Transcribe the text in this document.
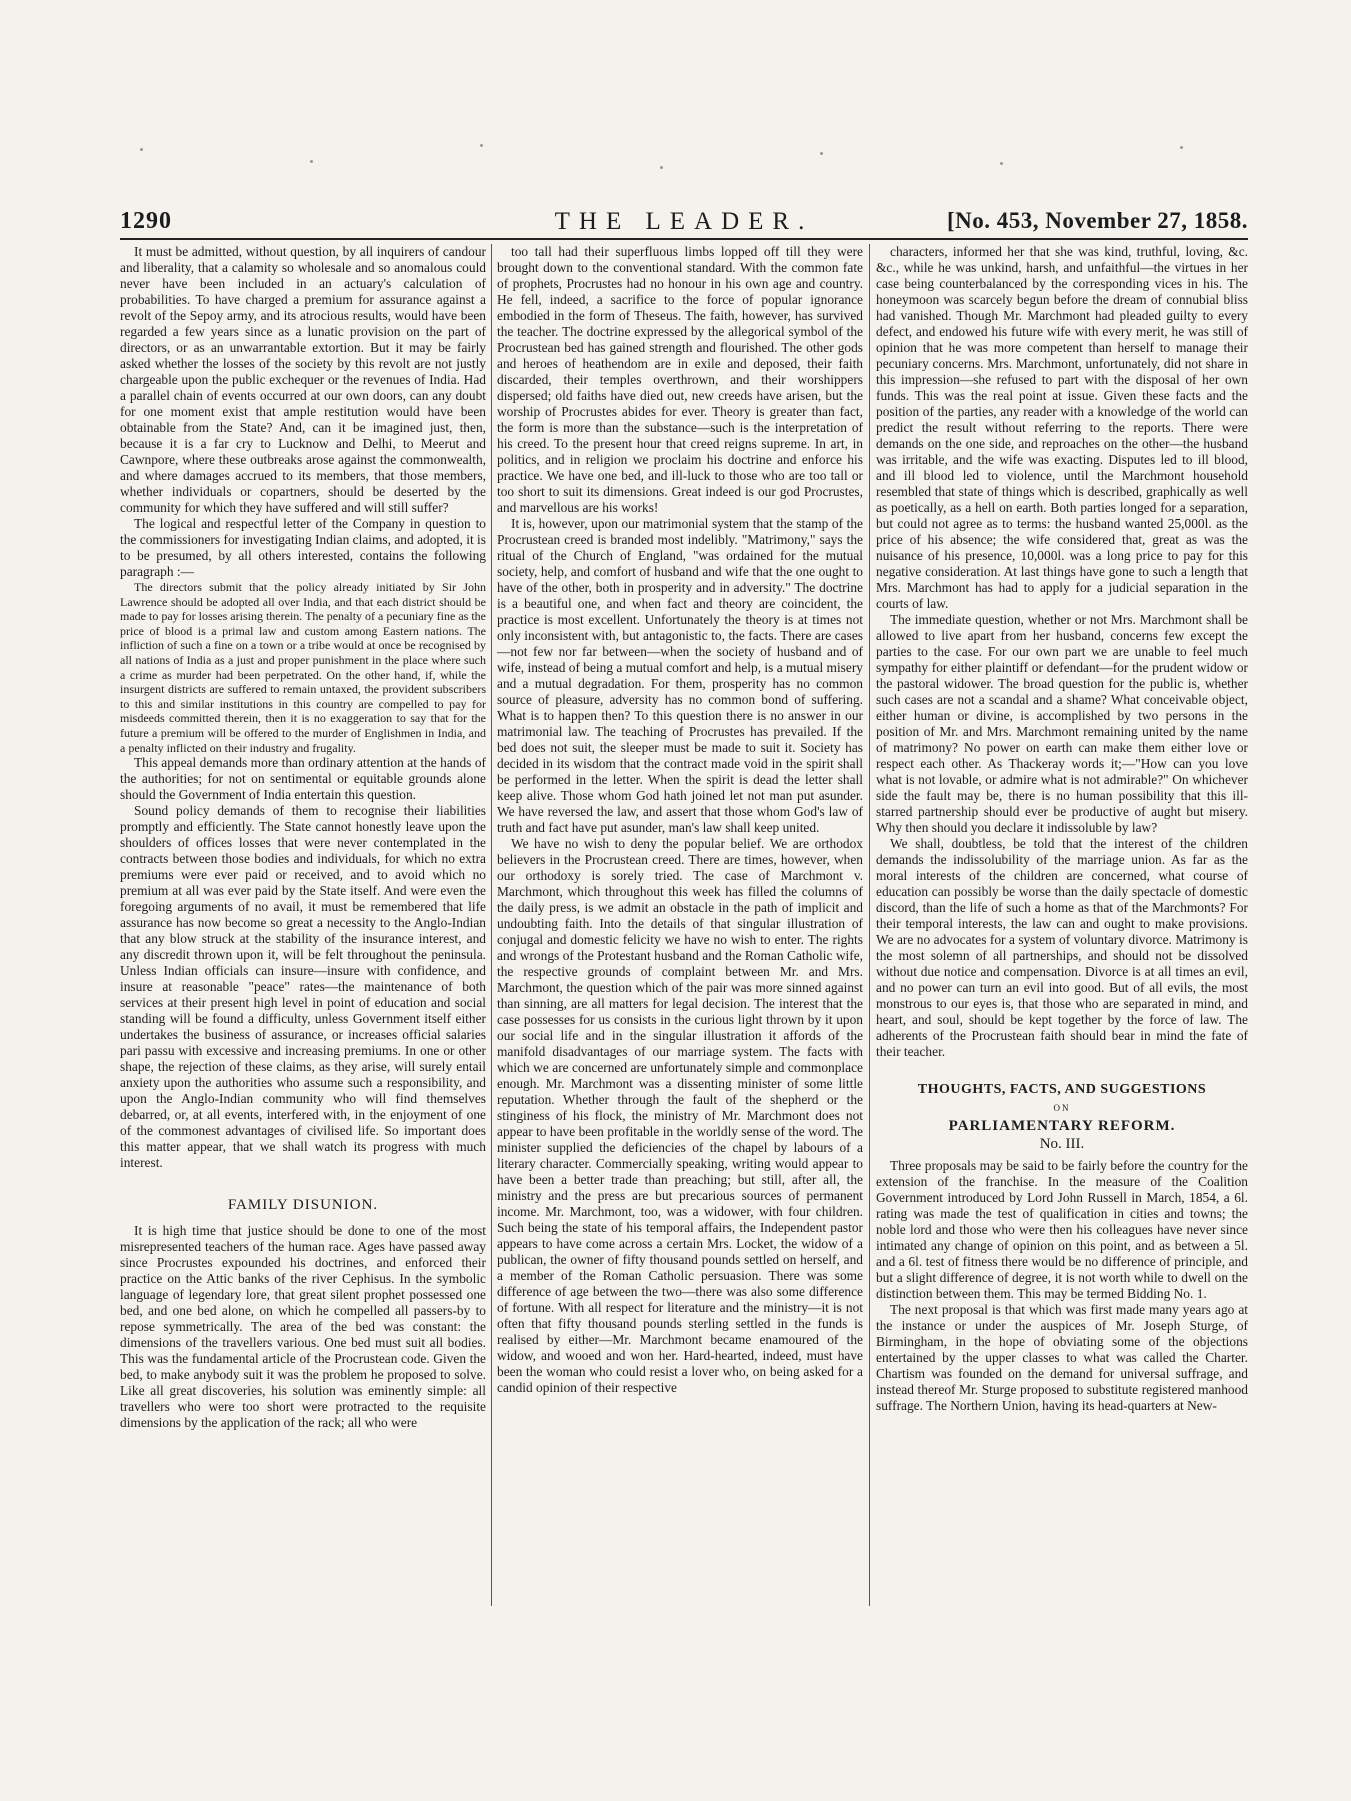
1290	THE LEADER.	[No. 453, November 27, 1858.

It must be admitted, without question, by all inquirers of candour and liberality, that a calamity so wholesale and so anomalous could never have been included in an actuary's calculation of probabilities. To have charged a premium for assurance against a revolt of the Sepoy army, and its atrocious results, would have been regarded a few years since as a lunatic provision on the part of directors, or as an unwarrantable extortion. But it may be fairly asked whether the losses of the society by this revolt are not justly chargeable upon the public exchequer or the revenues of India. Had a parallel chain of events occurred at our own doors, can any doubt for one moment exist that ample restitution would have been obtainable from the State? And, can it be imagined just, then, because it is a far cry to Lucknow and Delhi, to Meerut and Cawnpore, where these outbreaks arose against the commonwealth, and where damages accrued to its members, that those members, whether individuals or copartners, should be deserted by the community for which they have suffered and will still suffer?

The logical and respectful letter of the Company in question to the commissioners for investigating Indian claims, and adopted, it is to be presumed, by all others interested, contains the following paragraph :—

The directors submit that the policy already initiated by Sir John Lawrence should be adopted all over India, and that each district should be made to pay for losses arising therein. The penalty of a pecuniary fine as the price of blood is a primal law and custom among Eastern nations. The infliction of such a fine on a town or a tribe would at once be recognised by all nations of India as a just and proper punishment in the place where such a crime as murder had been perpetrated. On the other hand, if, while the insurgent districts are suffered to remain untaxed, the provident subscribers to this and similar institutions in this country are compelled to pay for misdeeds committed therein, then it is no exaggeration to say that for the future a premium will be offered to the murder of Englishmen in India, and a penalty inflicted on their industry and frugality.

This appeal demands more than ordinary attention at the hands of the authorities; for not on sentimental or equitable grounds alone should the Government of India entertain this question.

Sound policy demands of them to recognise their liabilities promptly and efficiently. The State cannot honestly leave upon the shoulders of offices losses that were never contemplated in the contracts between those bodies and individuals, for which no extra premiums were ever paid or received, and to avoid which no premium at all was ever paid by the State itself. And were even the foregoing arguments of no avail, it must be remembered that life assurance has now become so great a necessity to the Anglo-Indian that any blow struck at the stability of the insurance interest, and any discredit thrown upon it, will be felt throughout the peninsula. Unless Indian officials can insure—insure with confidence, and insure at reasonable "peace" rates—the maintenance of both services at their present high level in point of education and social standing will be found a difficulty, unless Government itself either undertakes the business of assurance, or increases official salaries pari passu with excessive and increasing premiums. In one or other shape, the rejection of these claims, as they arise, will surely entail anxiety upon the authorities who assume such a responsibility, and upon the Anglo-Indian community who will find themselves debarred, or, at all events, interfered with, in the enjoyment of one of the commonest advantages of civilised life. So important does this matter appear, that we shall watch its progress with much interest.

FAMILY DISUNION.

It is high time that justice should be done to one of the most misrepresented teachers of the human race. Ages have passed away since Procrustes expounded his doctrines, and enforced their practice on the Attic banks of the river Cephisus. In the symbolic language of legendary lore, that great silent prophet possessed one bed, and one bed alone, on which he compelled all passers-by to repose symmetrically. The area of the bed was constant: the dimensions of the travellers various. One bed must suit all bodies. This was the fundamental article of the Procrustean code. Given the bed, to make anybody suit it was the problem he proposed to solve. Like all great discoveries, his solution was eminently simple: all travellers who were too short were protracted to the requisite dimensions by the application of the rack; all who were

too tall had their superfluous limbs lopped off till they were brought down to the conventional standard. With the common fate of prophets, Procrustes had no honour in his own age and country. He fell, indeed, a sacrifice to the force of popular ignorance embodied in the form of Theseus. The faith, however, has survived the teacher. The doctrine expressed by the allegorical symbol of the Procrustean bed has gained strength and flourished. The other gods and heroes of heathendom are in exile and deposed, their faith discarded, their temples overthrown, and their worshippers dispersed; old faiths have died out, new creeds have arisen, but the worship of Procrustes abides for ever. Theory is greater than fact, the form is more than the substance—such is the interpretation of his creed. To the present hour that creed reigns supreme. In art, in politics, and in religion we proclaim his doctrine and enforce his practice. We have one bed, and ill-luck to those who are too tall or too short to suit its dimensions. Great indeed is our god Procrustes, and marvellous are his works!

It is, however, upon our matrimonial system that the stamp of the Procrustean creed is branded most indelibly. "Matrimony," says the ritual of the Church of England, "was ordained for the mutual society, help, and comfort of husband and wife that the one ought to have of the other, both in prosperity and in adversity." The doctrine is a beautiful one, and when fact and theory are coincident, the practice is most excellent. Unfortunately the theory is at times not only inconsistent with, but antagonistic to, the facts. There are cases—not few nor far between—when the society of husband and of wife, instead of being a mutual comfort and help, is a mutual misery and a mutual degradation. For them, prosperity has no common source of pleasure, adversity has no common bond of suffering. What is to happen then? To this question there is no answer in our matrimonial law. The teaching of Procrustes has prevailed. If the bed does not suit, the sleeper must be made to suit it. Society has decided in its wisdom that the contract made void in the spirit shall be performed in the letter. When the spirit is dead the letter shall keep alive. Those whom God hath joined let not man put asunder. We have reversed the law, and assert that those whom God's law of truth and fact have put asunder, man's law shall keep united.

We have no wish to deny the popular belief. We are orthodox believers in the Procrustean creed. There are times, however, when our orthodoxy is sorely tried. The case of Marchmont v. Marchmont, which throughout this week has filled the columns of the daily press, is we admit an obstacle in the path of implicit and undoubting faith. Into the details of that singular illustration of conjugal and domestic felicity we have no wish to enter. The rights and wrongs of the Protestant husband and the Roman Catholic wife, the respective grounds of complaint between Mr. and Mrs. Marchmont, the question which of the pair was more sinned against than sinning, are all matters for legal decision. The interest that the case possesses for us consists in the curious light thrown by it upon our social life and in the singular illustration it affords of the manifold disadvantages of our marriage system. The facts with which we are concerned are unfortunately simple and commonplace enough. Mr. Marchmont was a dissenting minister of some little reputation. Whether through the fault of the shepherd or the stinginess of his flock, the ministry of Mr. Marchmont does not appear to have been profitable in the worldly sense of the word. The minister supplied the deficiencies of the chapel by labours of a literary character. Commercially speaking, writing would appear to have been a better trade than preaching; but still, after all, the ministry and the press are but precarious sources of permanent income. Mr. Marchmont, too, was a widower, with four children. Such being the state of his temporal affairs, the Independent pastor appears to have come across a certain Mrs. Locket, the widow of a publican, the owner of fifty thousand pounds settled on herself, and a member of the Roman Catholic persuasion. There was some difference of age between the two—there was also some difference of fortune. With all respect for literature and the ministry—it is not often that fifty thousand pounds sterling settled in the funds is realised by either—Mr. Marchmont became enamoured of the widow, and wooed and won her. Hard-hearted, indeed, must have been the woman who could resist a lover who, on being asked for a candid opinion of their respective

characters, informed her that she was kind, truthful, loving, &c. &c., while he was unkind, harsh, and unfaithful—the virtues in her case being counterbalanced by the corresponding vices in his. The honeymoon was scarcely begun before the dream of connubial bliss had vanished. Though Mr. Marchmont had pleaded guilty to every defect, and endowed his future wife with every merit, he was still of opinion that he was more competent than herself to manage their pecuniary concerns. Mrs. Marchmont, unfortunately, did not share in this impression—she refused to part with the disposal of her own funds. This was the real point at issue. Given these facts and the position of the parties, any reader with a knowledge of the world can predict the result without referring to the reports. There were demands on the one side, and reproaches on the other—the husband was irritable, and the wife was exacting. Disputes led to ill blood, and ill blood led to violence, until the Marchmont household resembled that state of things which is described, graphically as well as poetically, as a hell on earth. Both parties longed for a separation, but could not agree as to terms: the husband wanted 25,000l. as the price of his absence; the wife considered that, great as was the nuisance of his presence, 10,000l. was a long price to pay for this negative consideration. At last things have gone to such a length that Mrs. Marchmont has had to apply for a judicial separation in the courts of law.

The immediate question, whether or not Mrs. Marchmont shall be allowed to live apart from her husband, concerns few except the parties to the case. For our own part we are unable to feel much sympathy for either plaintiff or defendant—for the prudent widow or the pastoral widower. The broad question for the public is, whether such cases are not a scandal and a shame? What conceivable object, either human or divine, is accomplished by two persons in the position of Mr. and Mrs. Marchmont remaining united by the name of matrimony? No power on earth can make them either love or respect each other. As Thackeray words it;—"How can you love what is not lovable, or admire what is not admirable?" On whichever side the fault may be, there is no human possibility that this ill-starred partnership should ever be productive of aught but misery. Why then should you declare it indissoluble by law?

We shall, doubtless, be told that the interest of the children demands the indissolubility of the marriage union. As far as the moral interests of the children are concerned, what course of education can possibly be worse than the daily spectacle of domestic discord, than the life of such a home as that of the Marchmonts? For their temporal interests, the law can and ought to make provisions. We are no advocates for a system of voluntary divorce. Matrimony is the most solemn of all partnerships, and should not be dissolved without due notice and compensation. Divorce is at all times an evil, and no power can turn an evil into good. But of all evils, the most monstrous to our eyes is, that those who are separated in mind, and heart, and soul, should be kept together by the force of law. The adherents of the Procrustean faith should bear in mind the fate of their teacher.

THOUGHTS, FACTS, AND SUGGESTIONS

ON

PARLIAMENTARY REFORM.

No. III.

Three proposals may be said to be fairly before the country for the extension of the franchise. In the measure of the Coalition Government introduced by Lord John Russell in March, 1854, a 6l. rating was made the test of qualification in cities and towns; the noble lord and those who were then his colleagues have never since intimated any change of opinion on this point, and as between a 5l. and a 6l. test of fitness there would be no difference of principle, and but a slight difference of degree, it is not worth while to dwell on the distinction between them. This may be termed Bidding No. 1.

The next proposal is that which was first made many years ago at the instance or under the auspices of Mr. Joseph Sturge, of Birmingham, in the hope of obviating some of the objections entertained by the upper classes to what was called the Charter. Chartism was founded on the demand for universal suffrage, and instead thereof Mr. Sturge proposed to substitute registered manhood suffrage. The Northern Union, having its head-quarters at New-
